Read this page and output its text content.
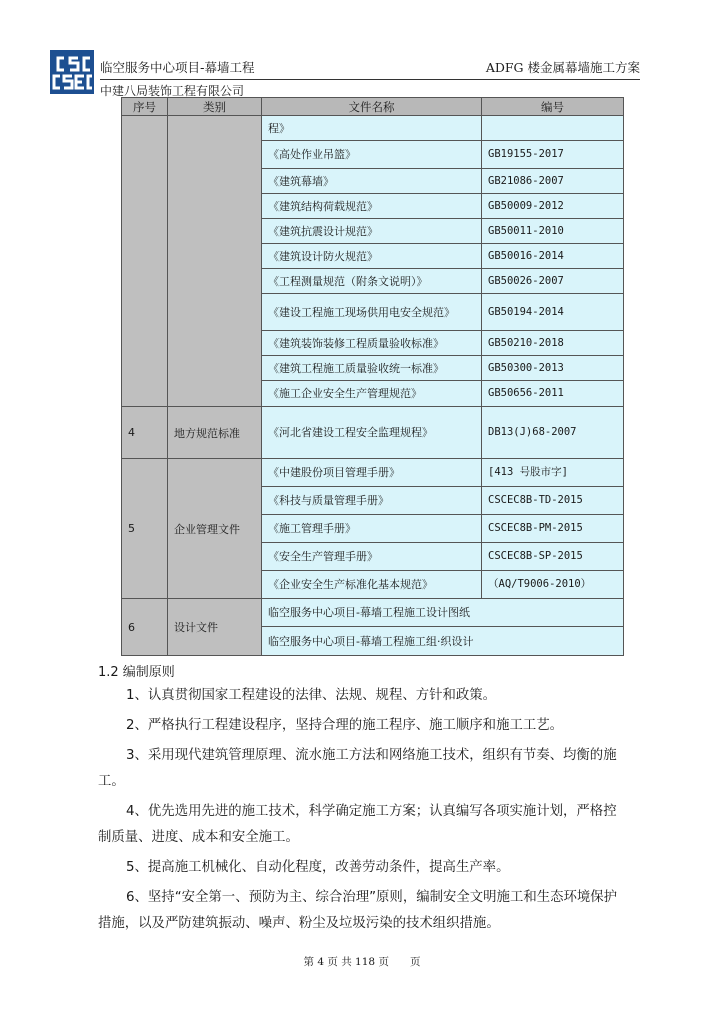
临空服务中心项目-幕墙工程	ADFG 楼金属幕墙施工方案
中建八局装饰工程有限公司
序号	类别	文件名称	编号
		程》	
		《高处作业吊篮》	GB19155-2017
		《建筑幕墙》	GB21086-2007
		《建筑结构荷载规范》	GB50009-2012
		《建筑抗震设计规范》	GB50011-2010
		《建筑设计防火规范》	GB50016-2014
		《工程测量规范（附条文说明）》	GB50026-2007
		《建设工程施工现场供用电安全规范》	GB50194-2014
		《建筑装饰装修工程质量验收标准》	GB50210-2018
		《建筑工程施工质量验收统一标准》	GB50300-2013
		《施工企业安全生产管理规范》	GB50656-2011
4	地方规范标准	《河北省建设工程安全监理规程》	DB13(J)68-2007
5	企业管理文件	《中建股份项目管理手册》	[413 号股市字]
		《科技与质量管理手册》	CSCEC8B-TD-2015
		《施工管理手册》	CSCEC8B-PM-2015
		《安全生产管理手册》	CSCEC8B-SP-2015
		《企业安全生产标准化基本规范》	（AQ/T9006-2010）
6	设计文件	临空服务中心项目-幕墙工程施工设计图纸	
		临空服务中心项目-幕墙工程施工组·织设计	
1.2 编制原则
1、认真贯彻国家工程建设的法律、法规、规程、方针和政策。
2、严格执行工程建设程序，坚持合理的施工程序、施工顺序和施工工艺。
3、采用现代建筑管理原理、流水施工方法和网络施工技术，组织有节奏、均衡的施工。
4、优先选用先进的施工技术，科学确定施工方案；认真编写各项实施计划，严格控制质量、进度、成本和安全施工。
5、提高施工机械化、自动化程度，改善劳动条件，提高生产率。
6、坚持“安全第一、预防为主、综合治理”原则，编制安全文明施工和生态环境保护措施，以及严防建筑振动、噪声、粉尘及垃圾污染的技术组织措施。
第 4 页 共 118 页　　页
